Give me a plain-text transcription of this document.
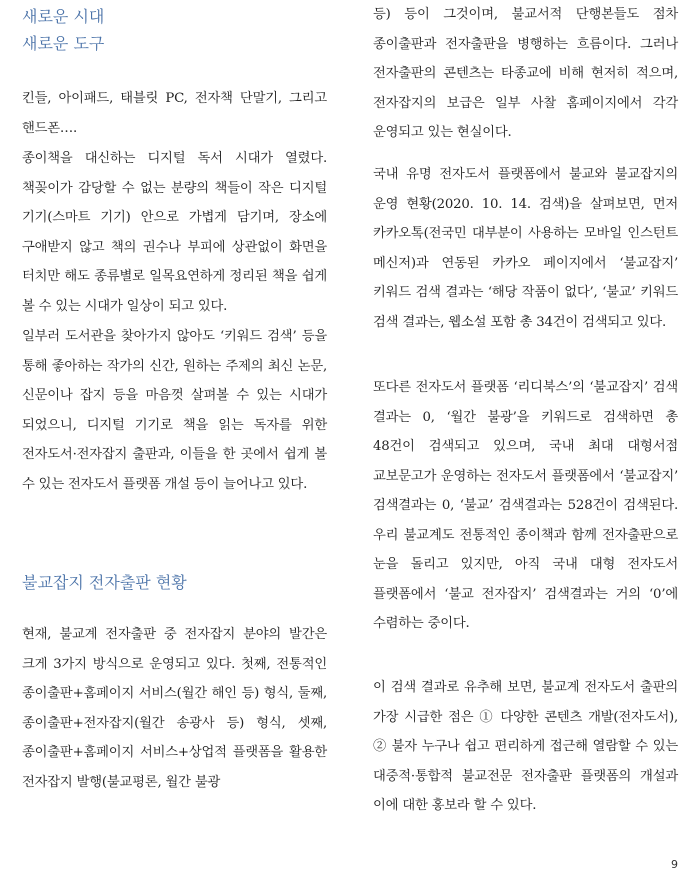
새로운 시대
새로운 도구

킨들, 아이패드, 태블릿 PC, 전자책 단말기, 그리고 핸드폰….

종이책을 대신하는 디지털 독서 시대가 열렸다. 책꽂이가 감당할 수 없는 분량의 책들이 작은 디지털 기기(스마트 기기) 안으로 가볍게 담기며, 장소에 구애받지 않고 책의 권수나 부피에 상관없이 화면을 터치만 해도 종류별로 일목요연하게 정리된 책을 쉽게 볼 수 있는 시대가 일상이 되고 있다.

일부러 도서관을 찾아가지 않아도 ‘키워드 검색’ 등을 통해 좋아하는 작가의 신간, 원하는 주제의 최신 논문, 신문이나 잡지 등을 마음껏 살펴볼 수 있는 시대가 되었으니, 디지털 기기로 책을 읽는 독자를 위한 전자도서·전자잡지 출판과, 이들을 한 곳에서 쉽게 볼 수 있는 전자도서 플랫폼 개설 등이 늘어나고 있다.

불교잡지 전자출판 현황

현재, 불교계 전자출판 중 전자잡지 분야의 발간은 크게 3가지 방식으로 운영되고 있다. 첫째, 전통적인 종이출판+홈페이지 서비스(월간 해인 등) 형식, 둘째, 종이출판+전자잡지(월간 송광사 등) 형식, 셋째, 종이출판+홈페이지 서비스+상업적 플랫폼을 활용한 전자잡지 발행(불교평론, 월간 불광

등) 등이 그것이며, 불교서적 단행본들도 점차 종이출판과 전자출판을 병행하는 흐름이다. 그러나 전자출판의 콘텐츠는 타종교에 비해 현저히 적으며, 전자잡지의 보급은 일부 사찰 홈페이지에서 각각 운영되고 있는 현실이다.

국내 유명 전자도서 플랫폼에서 불교와 불교잡지의 운영 현황(2020. 10. 14. 검색)을 살펴보면, 먼저 카카오톡(전국민 대부분이 사용하는 모바일 인스턴트 메신저)과 연동된 카카오 페이지에서 ‘불교잡지’ 키워드 검색 결과는 ‘해당 작품이 없다’, ‘불교’ 키워드 검색 결과는, 웹소설 포함 총 34건이 검색되고 있다.

또다른 전자도서 플랫폼 ‘리디북스’의 ‘불교잡지’ 검색 결과는 0, ‘월간 불광’을 키워드로 검색하면 총 48건이 검색되고 있으며, 국내 최대 대형서점 교보문고가 운영하는 전자도서 플랫폼에서 ‘불교잡지’ 검색결과는 0, ‘불교’ 검색결과는 528건이 검색된다. 우리 불교계도 전통적인 종이책과 함께 전자출판으로 눈을 돌리고 있지만, 아직 국내 대형 전자도서 플랫폼에서 ‘불교 전자잡지’ 검색결과는 거의 ‘0’에 수렴하는 중이다.

이 검색 결과로 유추해 보면, 불교계 전자도서 출판의 가장 시급한 점은 ① 다양한 콘텐츠 개발(전자도서), ② 불자 누구나 쉽고 편리하게 접근해 열람할 수 있는 대중적·통합적 불교전문 전자출판 플랫폼의 개설과 이에 대한 홍보라 할 수 있다.

9
